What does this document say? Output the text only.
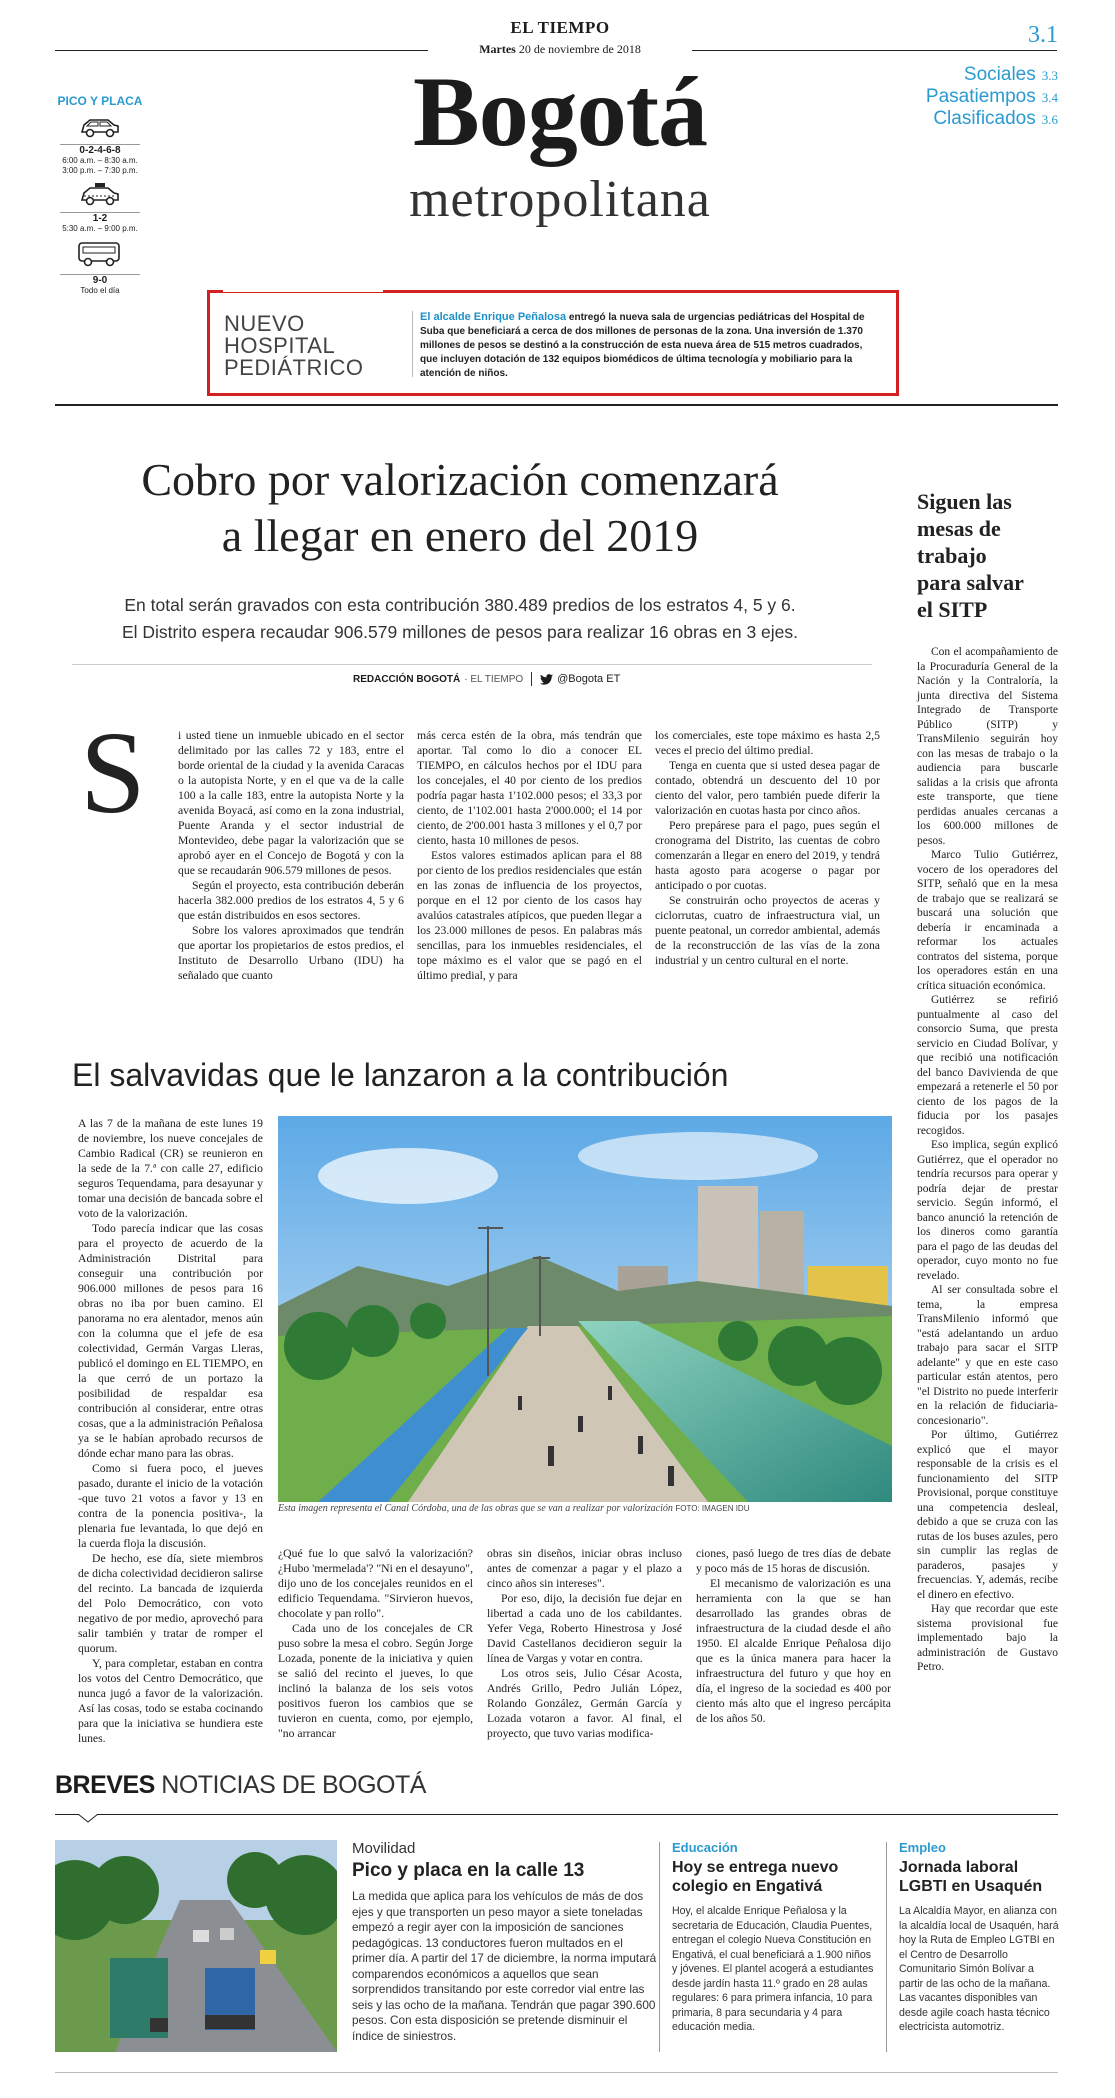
EL TIEMPO
Martes 20 de noviembre de 2018
3.1
Bogotá
metropolitana
Sociales 3.3
Pasatiempos 3.4
Clasificados 3.6
PICO Y PLACA
0-2-4-6-8
6:00 a.m. – 8:30 a.m.
3:00 p.m. – 7:30 p.m.
1-2
5:30 a.m. – 9:00 p.m.
9-0
Todo el día
NUEVO
HOSPITAL
PEDIÁTRICO
El alcalde Enrique Peñalosa entregó la nueva sala de urgencias pediátricas del Hospital de Suba que beneficiará a cerca de dos millones de personas de la zona. Una inversión de 1.370 millones de pesos se destinó a la construcción de esta nueva área de 515 metros cuadrados, que incluyen dotación de 132 equipos biomédicos de última tecnología y mobiliario para la atención de niños.
Cobro por valorización comenzará
a llegar en enero del 2019
En total serán gravados con esta contribución 380.489 predios de los estratos 4, 5 y 6.
El Distrito espera recaudar 906.579 millones de pesos para realizar 16 obras en 3 ejes.
REDACCIÓN BOGOTÁ · EL TIEMPO	@Bogota ET
S	i usted tiene un inmueble ubicado en el sector delimitado por las calles 72 y 183, entre el borde oriental de la ciudad y la avenida Caracas o la autopista Norte, y en el que va de la calle 100 a la calle 183, entre la autopista Norte y la avenida Boyacá, así como en la zona industrial, Puente Aranda y el sector industrial de Montevideo, debe pagar la valorización que se aprobó ayer en el Concejo de Bogotá y con la que se recaudarán 906.579 millones de pesos.

Según el proyecto, esta contribución deberán hacerla 382.000 predios de los estratos 4, 5 y 6 que están distribuidos en esos sectores.

Sobre los valores aproximados que tendrán que aportar los propietarios de estos predios, el Instituto de Desarrollo Urbano (IDU) ha señalado que cuanto

más cerca estén de la obra, más tendrán que aportar. Tal como lo dio a conocer EL TIEMPO, en cálculos hechos por el IDU para los concejales, el 40 por ciento de los predios podría pagar hasta 1'102.000 pesos; el 33,3 por ciento, de 1'102.001 hasta 2'000.000; el 14 por ciento, de 2'00.001 hasta 3 millones y el 0,7 por ciento, hasta 10 millones de pesos.

Estos valores estimados aplican para el 88 por ciento de los predios residenciales que están en las zonas de influencia de los proyectos, porque en el 12 por ciento de los casos hay avalúos catastrales atípicos, que pueden llegar a los 23.000 millones de pesos. En palabras más sencillas, para los inmuebles residenciales, el tope máximo es el valor que se pagó en el último predial, y para

los comerciales, este tope máximo es hasta 2,5 veces el precio del último predial.

Tenga en cuenta que si usted desea pagar de contado, obtendrá un descuento del 10 por ciento del valor, pero también puede diferir la valorización en cuotas hasta por cinco años.

Pero prepárese para el pago, pues según el cronograma del Distrito, las cuentas de cobro comenzarán a llegar en enero del 2019, y tendrá hasta agosto para acogerse o pagar por anticipado o por cuotas.

Se construirán ocho proyectos de aceras y ciclorrutas, cuatro de infraestructura vial, un puente peatonal, un corredor ambiental, además de la reconstrucción de las vías de la zona industrial y un centro cultural en el norte.

El salvavidas que le lanzaron a la contribución

A las 7 de la mañana de este lunes 19 de noviembre, los nueve concejales de Cambio Radical (CR) se reunieron en la sede de la 7.ª con calle 27, edificio seguros Tequendama, para desayunar y tomar una decisión de bancada sobre el voto de la valorización.

Todo parecía indicar que las cosas para el proyecto de acuerdo de la Administración Distrital para conseguir una contribución por 906.000 millones de pesos para 16 obras no iba por buen camino. El panorama no era alentador, menos aún con la columna que el jefe de esa colectividad, Germán Vargas Lleras, publicó el domingo en EL TIEMPO, en la que cerró de un portazo la posibilidad de respaldar esa contribución al considerar, entre otras cosas, que a la administración Peñalosa ya se le habían aprobado recursos de dónde echar mano para las obras.

Como si fuera poco, el jueves pasado, durante el inicio de la votación -que tuvo 21 votos a favor y 13 en contra de la ponencia positiva-, la plenaria fue levantada, lo que dejó en la cuerda floja la discusión.

De hecho, ese día, siete miembros de dicha colectividad decidieron salirse del recinto. La bancada de izquierda del Polo Democrático, con voto negativo de por medio, aprovechó para salir también y tratar de romper el quorum.

Y, para completar, estaban en contra los votos del Centro Democrático, que nunca jugó a favor de la valorización. Así las cosas, todo se estaba cocinando para que la iniciativa se hundiera este lunes.

Esta imagen representa el Canal Córdoba, una de las obras que se van a realizar por valorización FOTO: IMAGEN IDU

¿Qué fue lo que salvó la valorización? ¿Hubo 'mermelada'? "Ni en el desayuno", dijo uno de los concejales reunidos en el edificio Tequendama. "Sirvieron huevos, chocolate y pan rollo".

Cada uno de los concejales de CR puso sobre la mesa el cobro. Según Jorge Lozada, ponente de la iniciativa y quien se salió del recinto el jueves, lo que inclinó la balanza de los seis votos positivos fueron los cambios que se tuvieron en cuenta, como, por ejemplo, "no arrancar

obras sin diseños, iniciar obras incluso antes de comenzar a pagar y el plazo a cinco años sin intereses".

Por eso, dijo, la decisión fue dejar en libertad a cada uno de los cabildantes. Yefer Vega, Roberto Hinestrosa y José David Castellanos decidieron seguir la línea de Vargas y votar en contra.

Los otros seis, Julio César Acosta, Andrés Grillo, Pedro Julián López, Rolando González, Germán García y Lozada votaron a favor. Al final, el proyecto, que tuvo varias modifica-

ciones, pasó luego de tres días de debate y poco más de 15 horas de discusión.

El mecanismo de valorización es una herramienta con la que se han desarrollado las grandes obras de infraestructura de la ciudad desde el año 1950. El alcalde Enrique Peñalosa dijo que es la única manera para hacer la infraestructura del futuro y que hoy en día, el ingreso de la sociedad es 400 por ciento más alto que el ingreso percápita de los años 50.

Siguen las
mesas de
trabajo
para salvar
el SITP

Con el acompañamiento de la Procuraduría General de la Nación y la Contraloría, la junta directiva del Sistema Integrado de Transporte Público (SITP) y TransMilenio seguirán hoy con las mesas de trabajo o la audiencia para buscarle salidas a la crisis que afronta este transporte, que tiene perdidas anuales cercanas a los 600.000 millones de pesos.

Marco Tulio Gutiérrez, vocero de los operadores del SITP, señaló que en la mesa de trabajo que se realizará se buscará una solución que debería ir encaminada a reformar los actuales contratos del sistema, porque los operadores están en una crítica situación económica.

Gutiérrez se refirió puntualmente al caso del consorcio Suma, que presta servicio en Ciudad Bolívar, y que recibió una notificación del banco Davivienda de que empezará a retenerle el 50 por ciento de los pagos de la fiducia por los pasajes recogidos.

Eso implica, según explicó Gutiérrez, que el operador no tendría recursos para operar y podría dejar de prestar servicio. Según informó, el banco anunció la retención de los dineros como garantía para el pago de las deudas del operador, cuyo monto no fue revelado.

Al ser consultada sobre el tema, la empresa TransMilenio informó que "está adelantando un arduo trabajo para sacar el SITP adelante" y que en este caso particular están atentos, pero "el Distrito no puede interferir en la relación de fiduciaria-concesionario".

Por último, Gutiérrez explicó que el mayor responsable de la crisis es el funcionamiento del SITP Provisional, porque constituye una competencia desleal, debido a que se cruza con las rutas de los buses azules, pero sin cumplir las reglas de paraderos, pasajes y frecuencias. Y, además, recibe el dinero en efectivo.

Hay que recordar que este sistema provisional fue implementado bajo la administración de Gustavo Petro.

BREVES NOTICIAS DE BOGOTÁ
Movilidad
Pico y placa en la calle 13
La medida que aplica para los vehículos de más de dos ejes y que transporten un peso mayor a siete toneladas empezó a regir ayer con la imposición de sanciones pedagógicas. 13 conductores fueron multados en el primer día. A partir del 17 de diciembre, la norma imputará comparendos económicos a aquellos que sean sorprendidos transitando por este corredor vial entre las seis y las ocho de la mañana. Tendrán que pagar 390.600 pesos. Con esta disposición se pretende disminuir el índice de siniestros.
Educación
Hoy se entrega nuevo colegio en Engativá
Hoy, el alcalde Enrique Peñalosa y la secretaria de Educación, Claudia Puentes, entregan el colegio Nueva Constitución en Engativá, el cual beneficiará a 1.900 niños y jóvenes. El plantel acogerá a estudiantes desde jardín hasta 11.º grado en 28 aulas regulares: 6 para primera infancia, 10 para primaria, 8 para secundaria y 4 para educación media.
Empleo
Jornada laboral LGBTI en Usaquén
La Alcaldía Mayor, en alianza con la alcaldía local de Usaquén, hará hoy la Ruta de Empleo LGTBI en el Centro de Desarrollo Comunitario Simón Bolívar a partir de las ocho de la mañana. Las vacantes disponibles van desde agile coach hasta técnico electricista automotriz.
